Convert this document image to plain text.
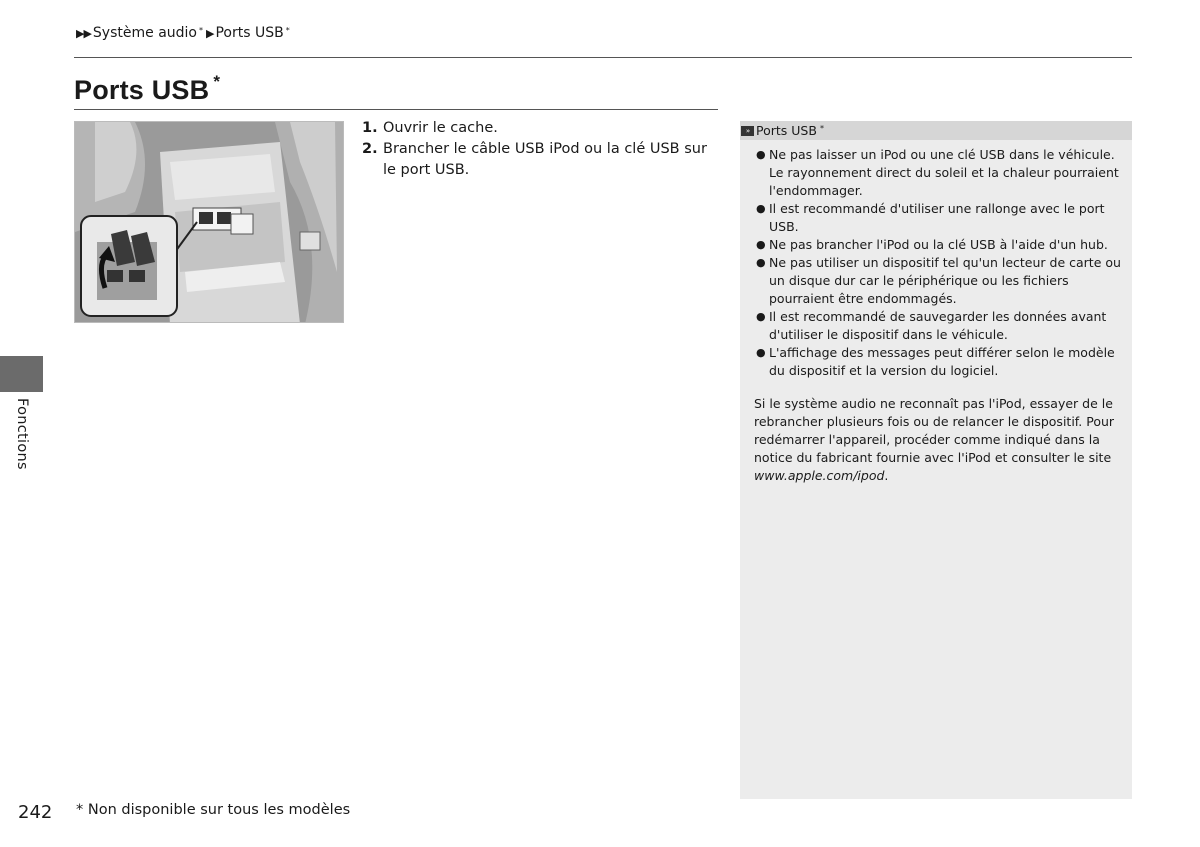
▶▶ Système audio * ▶ Ports USB *
Ports USB *
1. Ouvrir le cache.
2. Brancher le câble USB iPod ou la clé USB sur le port USB.
» Ports USB *
● Ne pas laisser un iPod ou une clé USB dans le véhicule. Le rayonnement direct du soleil et la chaleur pourraient l'endommager.
● Il est recommandé d'utiliser une rallonge avec le port USB.
● Ne pas brancher l'iPod ou la clé USB à l'aide d'un hub.
● Ne pas utiliser un dispositif tel qu'un lecteur de carte ou un disque dur car le périphérique ou les fichiers pourraient être endommagés.
● Il est recommandé de sauvegarder les données avant d'utiliser le dispositif dans le véhicule.
● L'affichage des messages peut différer selon le modèle du dispositif et la version du logiciel.

Si le système audio ne reconnaît pas l'iPod, essayer de le rebrancher plusieurs fois ou de relancer le dispositif. Pour redémarrer l'appareil, procéder comme indiqué dans la notice du fabricant fournie avec l'iPod et consulter le site www.apple.com/ipod.

Fonctions
242 * Non disponible sur tous les modèles
